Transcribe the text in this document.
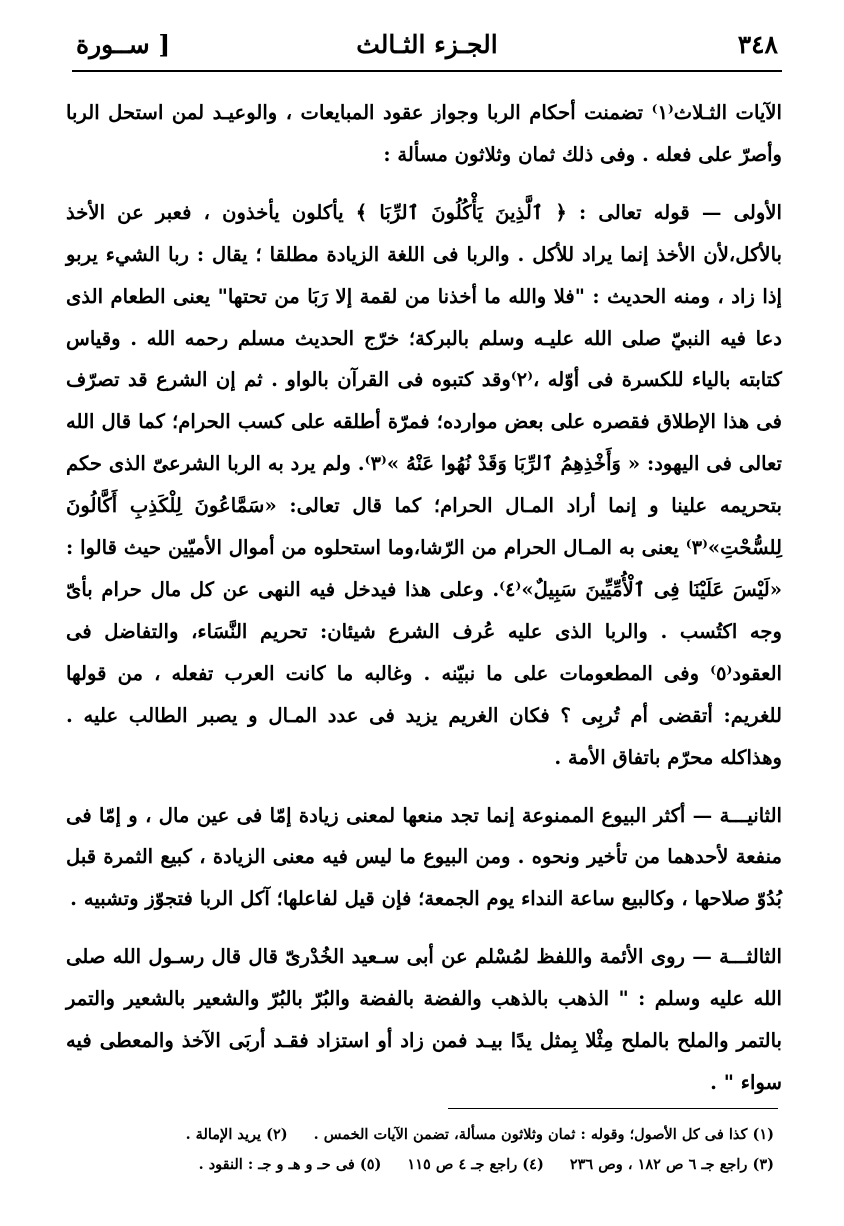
٣٤٨
الجـزء الثـالث
[ ســورة

الآيات الثـلاث⁽١⁾ تضمنت أحكام الربا وجواز عقود المبايعات ، والوعيـد لمن استحل الربا وأصرّ على فعله . وفى ذلك ثمان وثلاثون مسألة :

الأولى — قوله تعالى : ﴿ ٱلَّذِينَ يَأْكُلُونَ ٱلرِّبَا ﴾ يأكلون يأخذون ، فعبر عن الأخذ بالأكل،لأن الأخذ إنما يراد للأكل . والربا فى اللغة الزيادة مطلقا ؛ يقال : ربا الشيء يربو إذا زاد ، ومنه الحديث : "فلا والله ما أخذنا من لقمة إلا رَبَا من تحتها" يعنى الطعام الذى دعا فيه النبيّ صلى الله عليـه وسلم بالبركة؛ خرّج الحديث مسلم رحمه الله . وقياس كتابته بالياء للكسرة فى أوّله ،⁽٢⁾وقد كتبوه فى القرآن بالواو . ثم إن الشرع قد تصرّف فى هذا الإطلاق فقصره على بعض موارده؛ فمرّة أطلقه على كسب الحرام؛ كما قال الله تعالى فى اليهود: « وَأَخْذِهِمُ ٱلرِّبَا وَقَدْ نُهُوا عَنْهُ »⁽٣⁾. ولم يرد به الربا الشرعىّ الذى حكم بتحريمه علينا و إنما أراد المـال الحرام؛ كما قال تعالى: «سَمَّاعُونَ لِلْكَذِبِ أَكَّالُونَ لِلسُّحْتِ»⁽٣⁾ يعنى به المـال الحرام من الرّشا،وما استحلوه من أموال الأميّين حيث قالوا : «لَيْسَ عَلَيْنَا فِى ٱلْأُمِّيِّينَ سَبِيلٌ»⁽٤⁾. وعلى هذا فيدخل فيه النهى عن كل مال حرام بأىّ وجه اكتُسب . والربا الذى عليه عُرف الشرع شيئان: تحريم النَّسَاء، والتفاضل فى العقود⁽٥⁾ وفى المطعومات على ما نبيّنه . وغالبه ما كانت العرب تفعله ، من قولها للغريم: أتقضى أم تُربِى ؟ فكان الغريم يزيد فى عدد المـال و يصبر الطالب عليه . وهذاكله محرّم باتفاق الأمة .

الثانيـــة — أكثر البيوع الممنوعة إنما تجد منعها لمعنى زيادة إمّا فى عين مال ، و إمّا فى منفعة لأحدهما من تأخير ونحوه . ومن البيوع ما ليس فيه معنى الزيادة ، كبيع الثمرة قبل بُدُوّ صلاحها ، وكالبيع ساعة النداء يوم الجمعة؛ فإن قيل لفاعلها؛ آكل الربا فتجوّز وتشبيه .

الثالثـــة — روى الأئمة واللفظ لمُسْلم عن أبى سـعيد الخُدْرىّ قال قال رسـول الله صلى الله عليه وسلم : " الذهب بالذهب والفضة بالفضة والبُرّ بالبُرّ والشعير بالشعير والتمر بالتمر والملح بالملح مِثْلا بِمثل يدًا بيـد فمن زاد أو استزاد فقـد أربَى الآخذ والمعطى فيه سواء " .

(١) كذا فى كل الأصول؛ وقوله : ثمان وثلاثون مسألة، تضمن الآيات الخمس .(٢) يريد الإمالة .
(٣) راجع جـ ٦ ص ١٨٢ ، وص ٢٣٦(٤) راجع جـ ٤ ص ١١٥(٥) فى حـ و هـ و جـ : النقود .
